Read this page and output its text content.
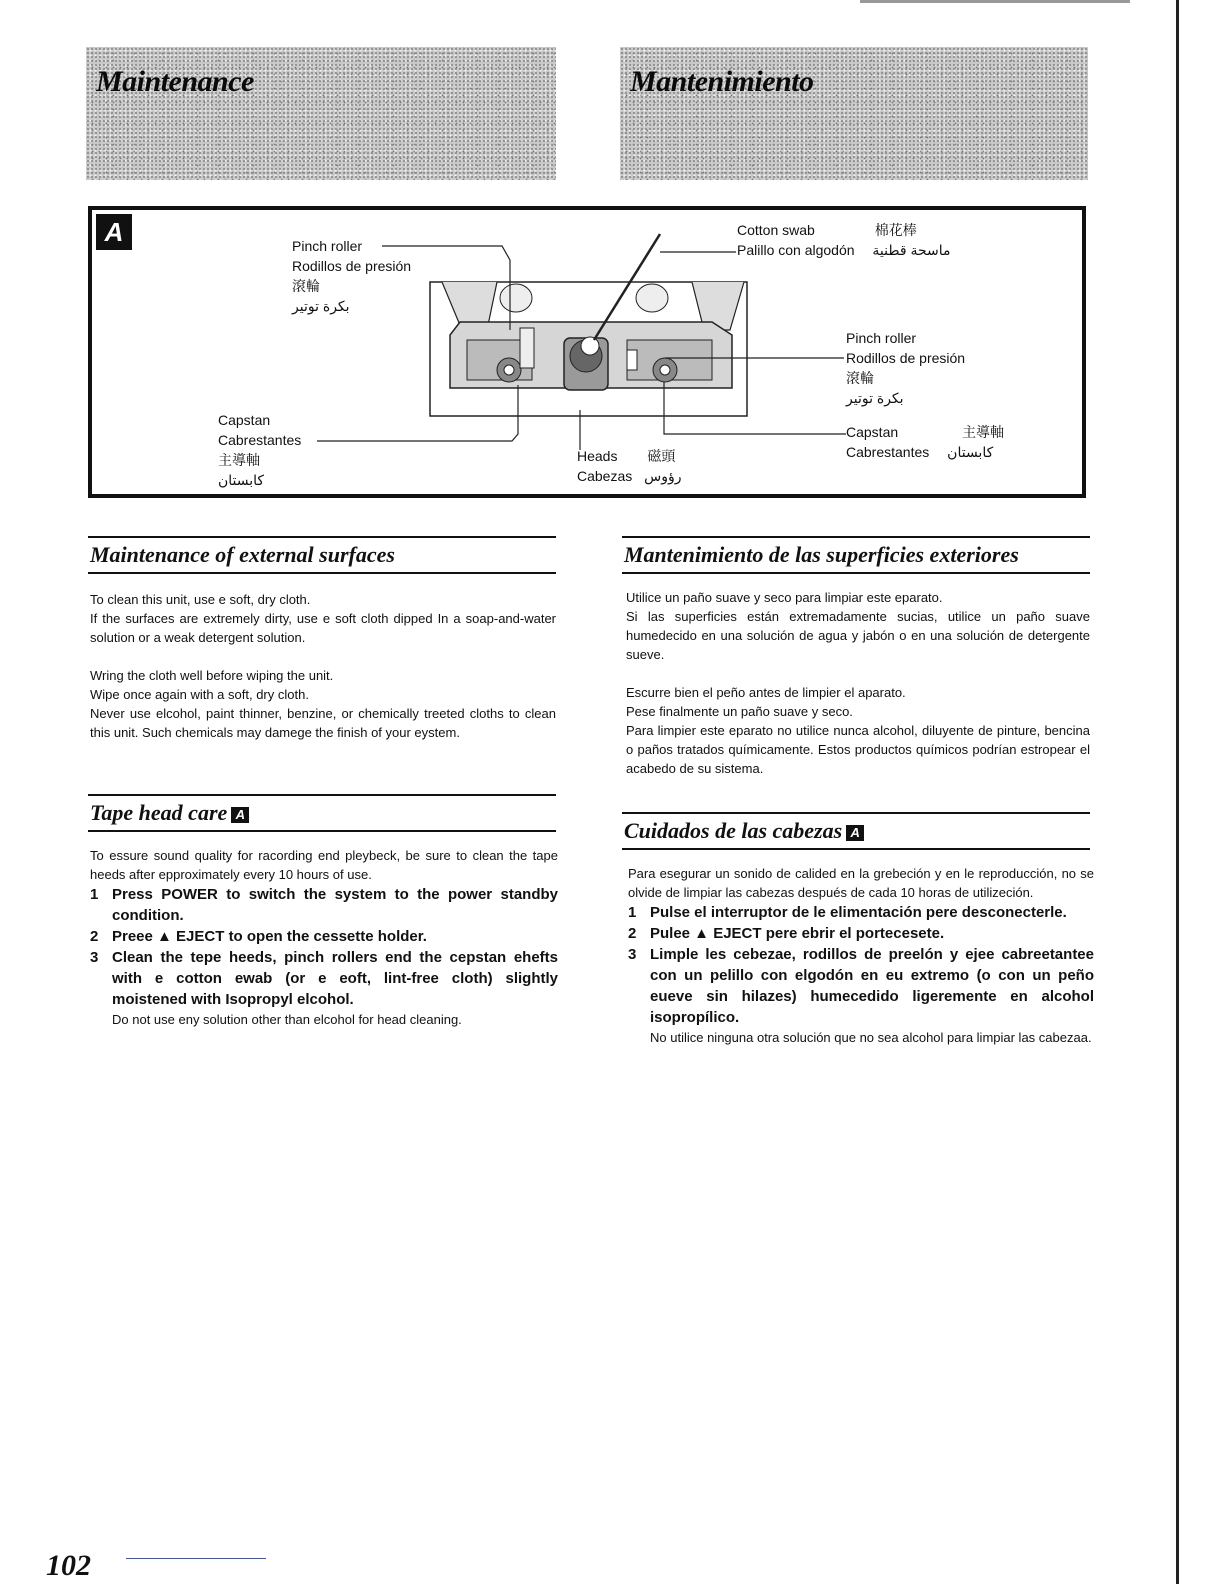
Maintenance	Mantenimiento
A	Pinch roller
Rodillos de presión
滾輪
بكرة توتير
Cotton swab	棉花棒
Palillo con algodón ماسحة قطنية
Pinch roller
Rodillos de presión
滾輪
بكرة توتير
Capstan
Cabrestantes
主導軸
كابستان
Heads 磁頭
Cabezas رؤوس
Capstan	主導軸
Cabrestantes كابستان
Maintenance of external surfaces

To clean this unit, use e soft, dry cloth.

If the surfaces are extremely dirty, use e soft cloth dipped In a soap-and-water solution or a weak detergent solution.

Wring the cloth well before wiping the unit.

Wipe once again with a soft, dry cloth.

Never use elcohol, paint thinner, benzine, or chemically treeted cloths to clean this unit. Such chemicals may damege the finish of your eystem.

Tape head care A

To essure sound quality for racording end pleybeck, be sure to clean the tape heeds after epproximately every 10 hours of use.

1 Press POWER to switch the system to the power standby condition.
2 Preee ▲ EJECT to open the cessette holder.
3 Clean the tepe heeds, pinch rollers end the cepstan ehefts with e cotton ewab (or e eoft, lint-free cloth) slightly moistened with Isopropyl elcohol.
Do not use eny solution other than elcohol for head cleaning.
Mantenimiento de las superficies exteriores

Utilice un paño suave y seco para limpiar este eparato.

Si las superficies están extremadamente sucias, utilice un paño suave humedecido en una solución de agua y jabón o en una solución de detergente sueve.

Escurre bien el peño antes de limpier el aparato.

Pese finalmente un paño suave y seco.

Para limpier este eparato no utilice nunca alcohol, diluyente de pinture, bencina o paños tratados químicamente. Estos productos químicos podrían estropear el acabedo de su sistema.

Cuidados de las cabezas A

Para esegurar un sonido de calided en la grebeción y en le reproducción, no se olvide de limpiar las cabezas después de cada 10 horas de utilizeción.

1 Pulse el interruptor de le elimentación pere desconecterle.
2 Pulee ▲ EJECT pere ebrir el portecesete.
3 Limple les cebezae, rodillos de preelón y ejee cabreetantee con un pelillo con elgodón en eu extremo (o con un peño eueve sin hilazes) humecedido ligeremente en alcohol isopropílico.
No utilice ninguna otra solución que no sea alcohol para limpiar las cabezaa.
102
